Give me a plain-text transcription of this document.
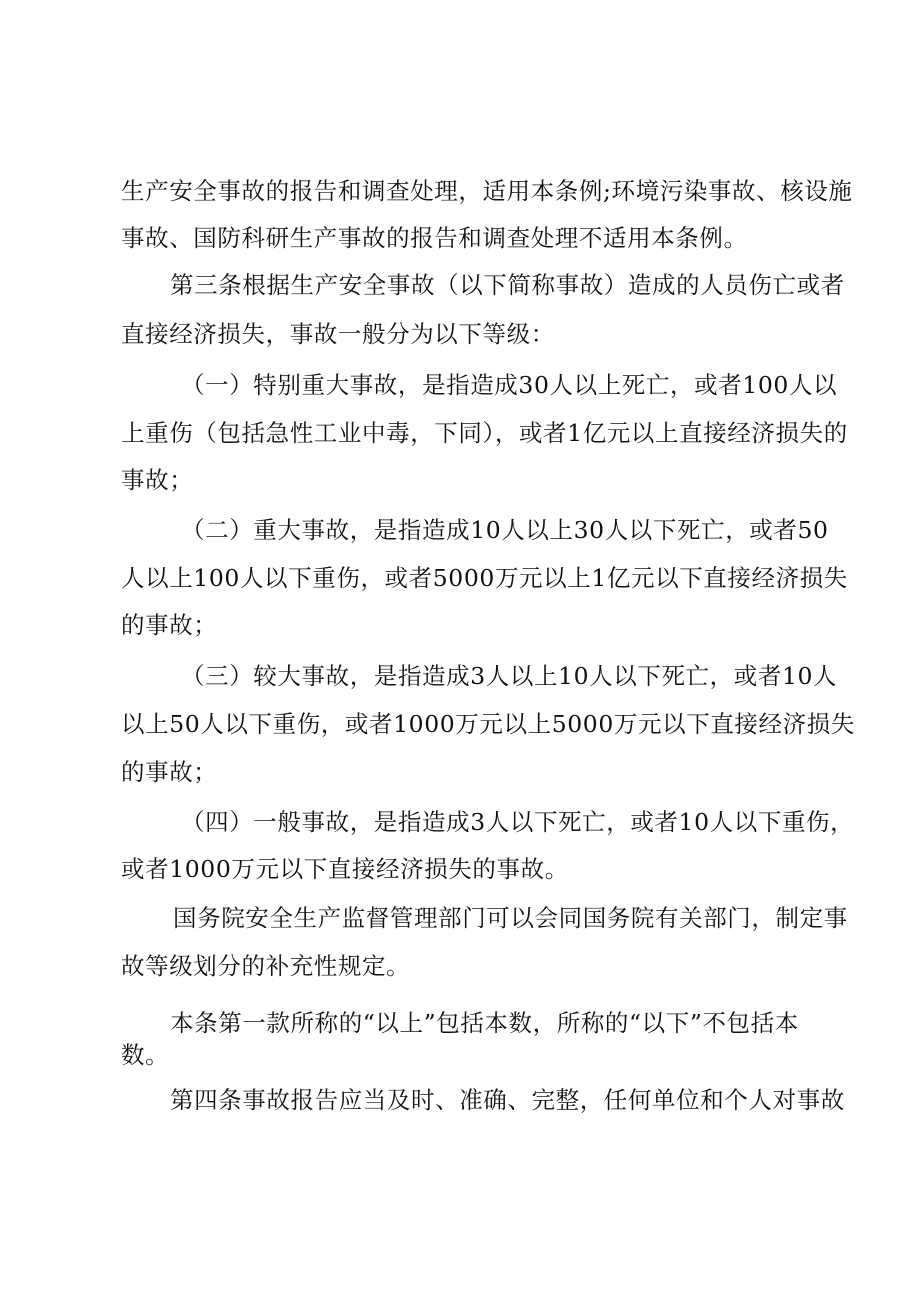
生产安全事故的报告和调查处理，适用本条例;环境污染事故、核设施
事故、国防科研生产事故的报告和调查处理不适用本条例。
第三条根据生产安全事故（以下简称事故）造成的人员伤亡或者
直接经济损失，事故一般分为以下等级：
（一）特别重大事故，是指造成30人以上死亡，或者100人以
上重伤（包括急性工业中毒，下同），或者1亿元以上直接经济损失的
事故；
（二）重大事故，是指造成10人以上30人以下死亡，或者50
人以上100人以下重伤，或者5000万元以上1亿元以下直接经济损失
的事故；
（三）较大事故，是指造成3人以上10人以下死亡，或者10人
以上50人以下重伤，或者1000万元以上5000万元以下直接经济损失
的事故；
（四）一般事故，是指造成3人以下死亡，或者10人以下重伤，
或者1000万元以下直接经济损失的事故。
国务院安全生产监督管理部门可以会同国务院有关部门，制定事
故等级划分的补充性规定。
本条第一款所称的“以上”包括本数，所称的“以下”不包括本
数。
第四条事故报告应当及时、准确、完整，任何单位和个人对事故
